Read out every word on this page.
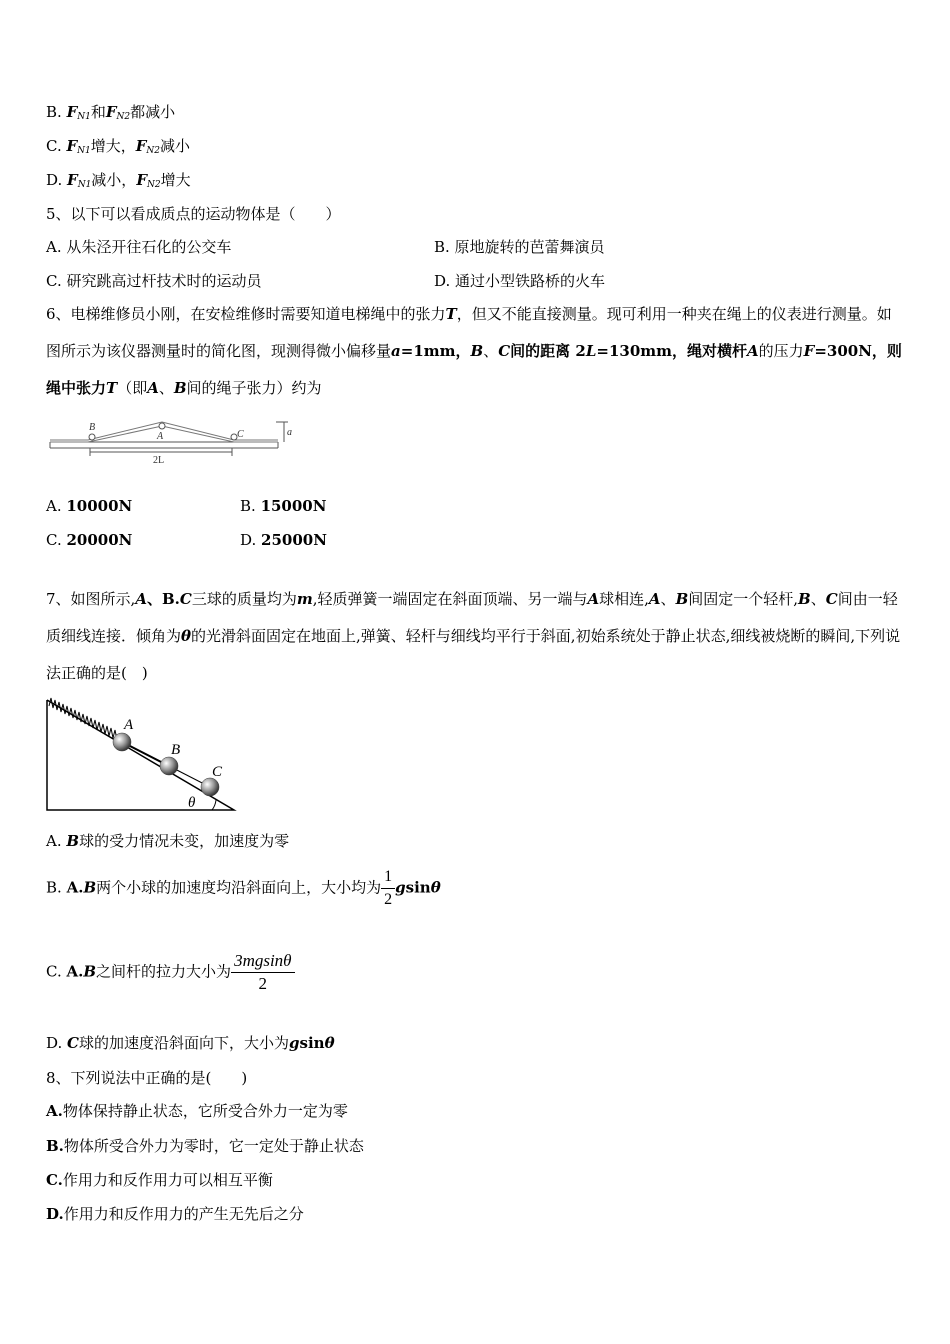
B. $F_{N1}$和$F_{N2}$都减小
C. $F_{N1}$增大，$F_{N2}$减小
D. $F_{N1}$减小，$F_{N2}$增大
5、以下可以看成质点的运动物体是（　　）
A. 从朱泾开往石化的公交车	B. 原地旋转的芭蕾舞演员
C. 研究跳高过杆技术时的运动员	D. 通过小型铁路桥的火车
6、电梯维修员小刚，在安检维修时需要知道电梯绳中的张力T，但又不能直接测量。现可利用一种夹在绳上的仪表进行测量。如图所示为该仪器测量时的简化图，现测得微小偏移量a=1mm，B、C间的距离 2L=130mm，绳对横杆A的压力F=300N，则绳中张力T（即A、B间的绳子张力）约为
B
A	C	a
2L
A. 10000N	B. 15000N
C. 20000N	D. 25000N
7、如图所示,A、B.C三球的质量均为m,轻质弹簧一端固定在斜面顶端、另一端与A球相连,A、B间固定一个轻杆,B、C间由一轻质细线连接．倾角为θ的光滑斜面固定在地面上,弹簧、轻杆与细线均平行于斜面,初始系统处于静止状态,细线被烧断的瞬间,下列说法正确的是(　)
A
B
C
θ
A. B球的受力情况未变，加速度为零
B. A.B两个小球的加速度均沿斜面向上，大小均为 $\frac{1}{2}$ gsinθ
C. A.B之间杆的拉力大小为 $\frac{3mgsin\theta}{2}$
D. C球的加速度沿斜面向下，大小为gsinθ
8、下列说法中正确的是(　　)
A.物体保持静止状态，它所受合外力一定为零
B.物体所受合外力为零时，它一定处于静止状态
C.作用力和反作用力可以相互平衡
D.作用力和反作用力的产生无先后之分
